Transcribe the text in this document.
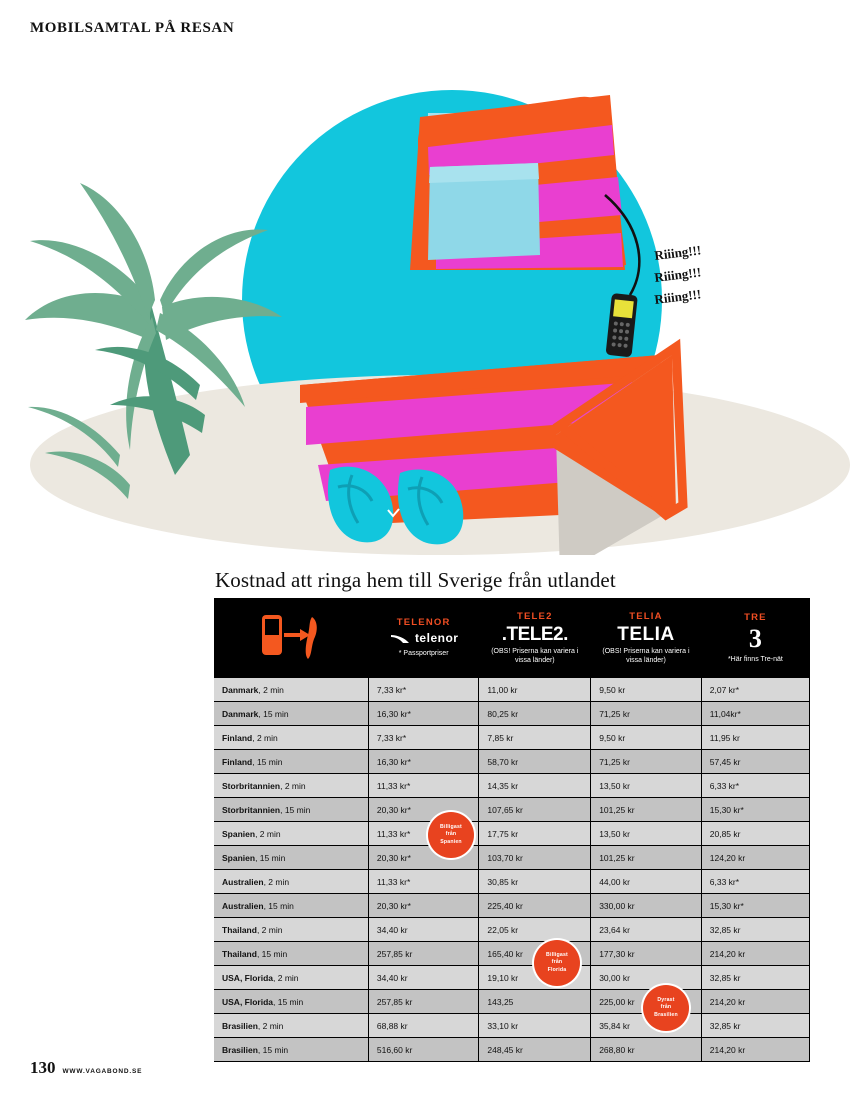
MOBILSAMTAL PÅ RESAN
Riiing!!!
Riiing!!!
Riiing!!!
Kostnad att ringa hem till Sverige från utlandet

TELENOR
telenor
* Passportpriser

TELE2
.TELE2.
(OBS! Priserna kan variera i vissa länder)

TELIA
TELIA
(OBS! Priserna kan variera i vissa länder)

TRE
3
*Här finns Tre-nät

Danmark, 2 min	7,33 kr*	11,00 kr	9,50 kr	2,07 kr*
Danmark, 15 min	16,30 kr*	80,25 kr	71,25 kr	11,04kr*
Finland, 2 min	7,33 kr*	7,85 kr	9,50 kr	11,95 kr
Finland, 15 min	16,30 kr*	58,70 kr	71,25 kr	57,45 kr
Storbritannien, 2 min	11,33 kr*	14,35 kr	13,50 kr	6,33 kr*
Storbritannien, 15 min	20,30 kr*	107,65 kr	101,25 kr	15,30 kr*
Spanien, 2 min	11,33 kr*	17,75 kr	13,50 kr	20,85 kr
Spanien, 15 min	20,30 kr*	103,70 kr	101,25 kr	124,20 kr
Australien, 2 min	11,33 kr*	30,85 kr	44,00 kr	6,33 kr*
Australien, 15 min	20,30 kr*	225,40 kr	330,00 kr	15,30 kr*
Thailand, 2 min	34,40 kr	22,05 kr	23,64 kr	32,85 kr
Thailand, 15 min	257,85 kr	165,40 kr	177,30 kr	214,20 kr
USA, Florida, 2 min	34,40 kr	19,10 kr	30,00 kr	32,85 kr
USA, Florida, 15 min	257,85 kr	143,25	225,00 kr	214,20 kr
Brasilien, 2 min	68,88 kr	33,10 kr	35,84 kr	32,85 kr
Brasilien, 15 min	516,60 kr	248,45 kr	268,80 kr	214,20 kr
Billigast
från
Spanien
Billigast
från
Florida
Dyrast
från
Brasilien
130 WWW.VAGABOND.SE
